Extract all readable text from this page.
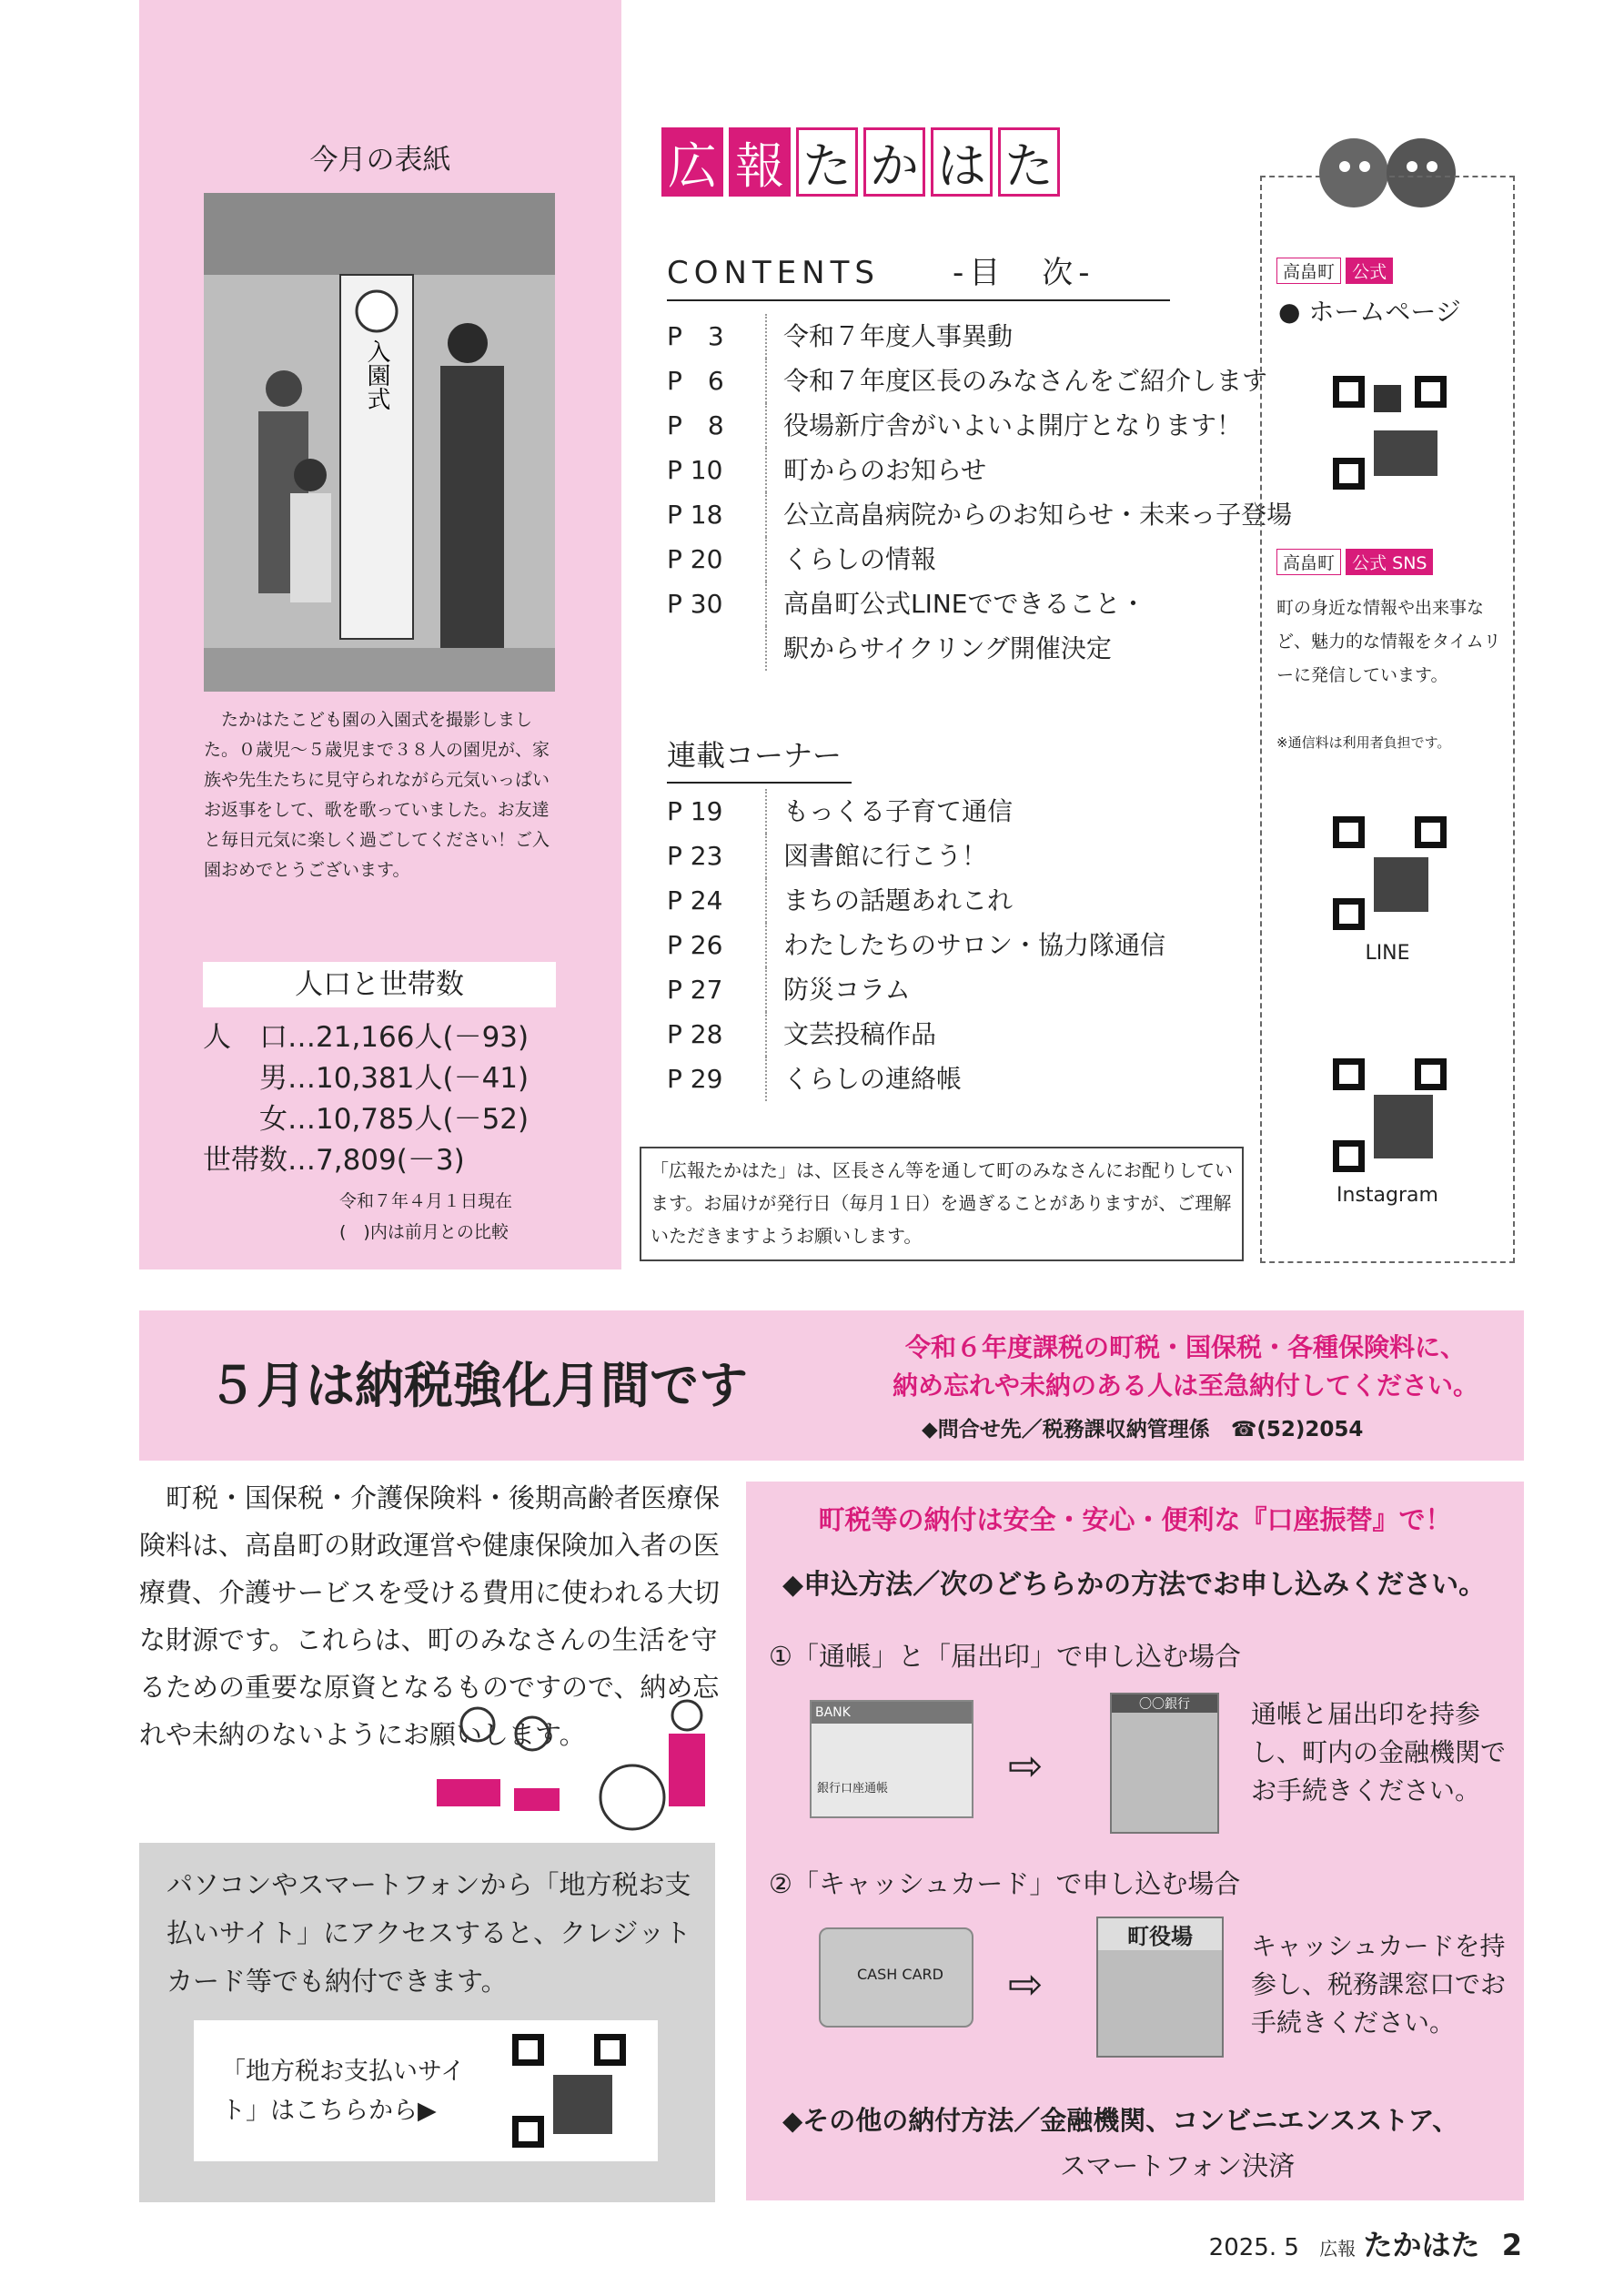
今月の表紙
入園式
たかはたこども園の入園式を撮影しました。０歳児～５歳児まで３８人の園児が、家族や先生たちに見守られながら元気いっぱいお返事をして、歌を歌っていました。お友達と毎日元気に楽しく過ごしてください！ご入園おめでとうございます。
人口と世帯数
人　口…21,166人(－93)
　　男…10,381人(－41)
　　女…10,785人(－52)
世帯数…7,809(－3)
令和７年４月１日現在
(　)内は前月との比較
広 報 た か は た
CONTENTS　　-目　次-
P　3	令和７年度人事異動
P　6	令和７年度区長のみなさんをご紹介します
P　8	役場新庁舎がいよいよ開庁となります！
P 10	町からのお知らせ
P 18	公立高畠病院からのお知らせ・未来っ子登場
P 20	くらしの情報
P 30	高畠町公式LINEでできること・
駅からサイクリング開催決定
連載コーナー
P 19	もっくる子育て通信
P 23	図書館に行こう！
P 24	まちの話題あれこれ
P 26	わたしたちのサロン・協力隊通信
P 27	防災コラム
P 28	文芸投稿作品
P 29	くらしの連絡帳
「広報たかはた」は、区長さん等を通して町のみなさんにお配りしています。お届けが発行日（毎月１日）を過ぎることがありますが、ご理解いただきますようお願いします。
高畠町 公式
● ホームページ
高畠町 公式 SNS
町の身近な情報や出来事など、魅力的な情報をタイムリーに発信しています。
※通信料は利用者負担です。
LINE
Instagram
５月は納税強化月間です
令和６年度課税の町税・国保税・各種保険料に、
納め忘れや未納のある人は至急納付してください。
◆問合せ先／税務課収納管理係　☎(52)2054
町税・国保税・介護保険料・後期高齢者医療保険料は、高畠町の財政運営や健康保険加入者の医療費、介護サービスを受ける費用に使われる大切な財源です。これらは、町のみなさんの生活を守るための重要な原資となるものですので、納め忘れや未納のないようにお願いします。
パソコンやスマートフォンから「地方税お支払いサイト」にアクセスすると、クレジットカード等でも納付できます。
「地方税お支払いサイト」はこちらから▶
町税等の納付は安全・安心・便利な『口座振替』で！
◆申込方法／次のどちらかの方法でお申し込みください。
①「通帳」と「届出印」で申し込む場合
BANK
銀行口座通帳	⇨
〇〇銀行	通帳と届出印を持参し、町内の金融機関でお手続きください。
②「キャッシュカード」で申し込む場合
CASH CARD	⇨
町役場	キャッシュカードを持参し、税務課窓口でお手続きください。
◆その他の納付方法／金融機関、コンビニエンスストア、
スマートフォン決済
2025. 5 広報 たかはた 2
